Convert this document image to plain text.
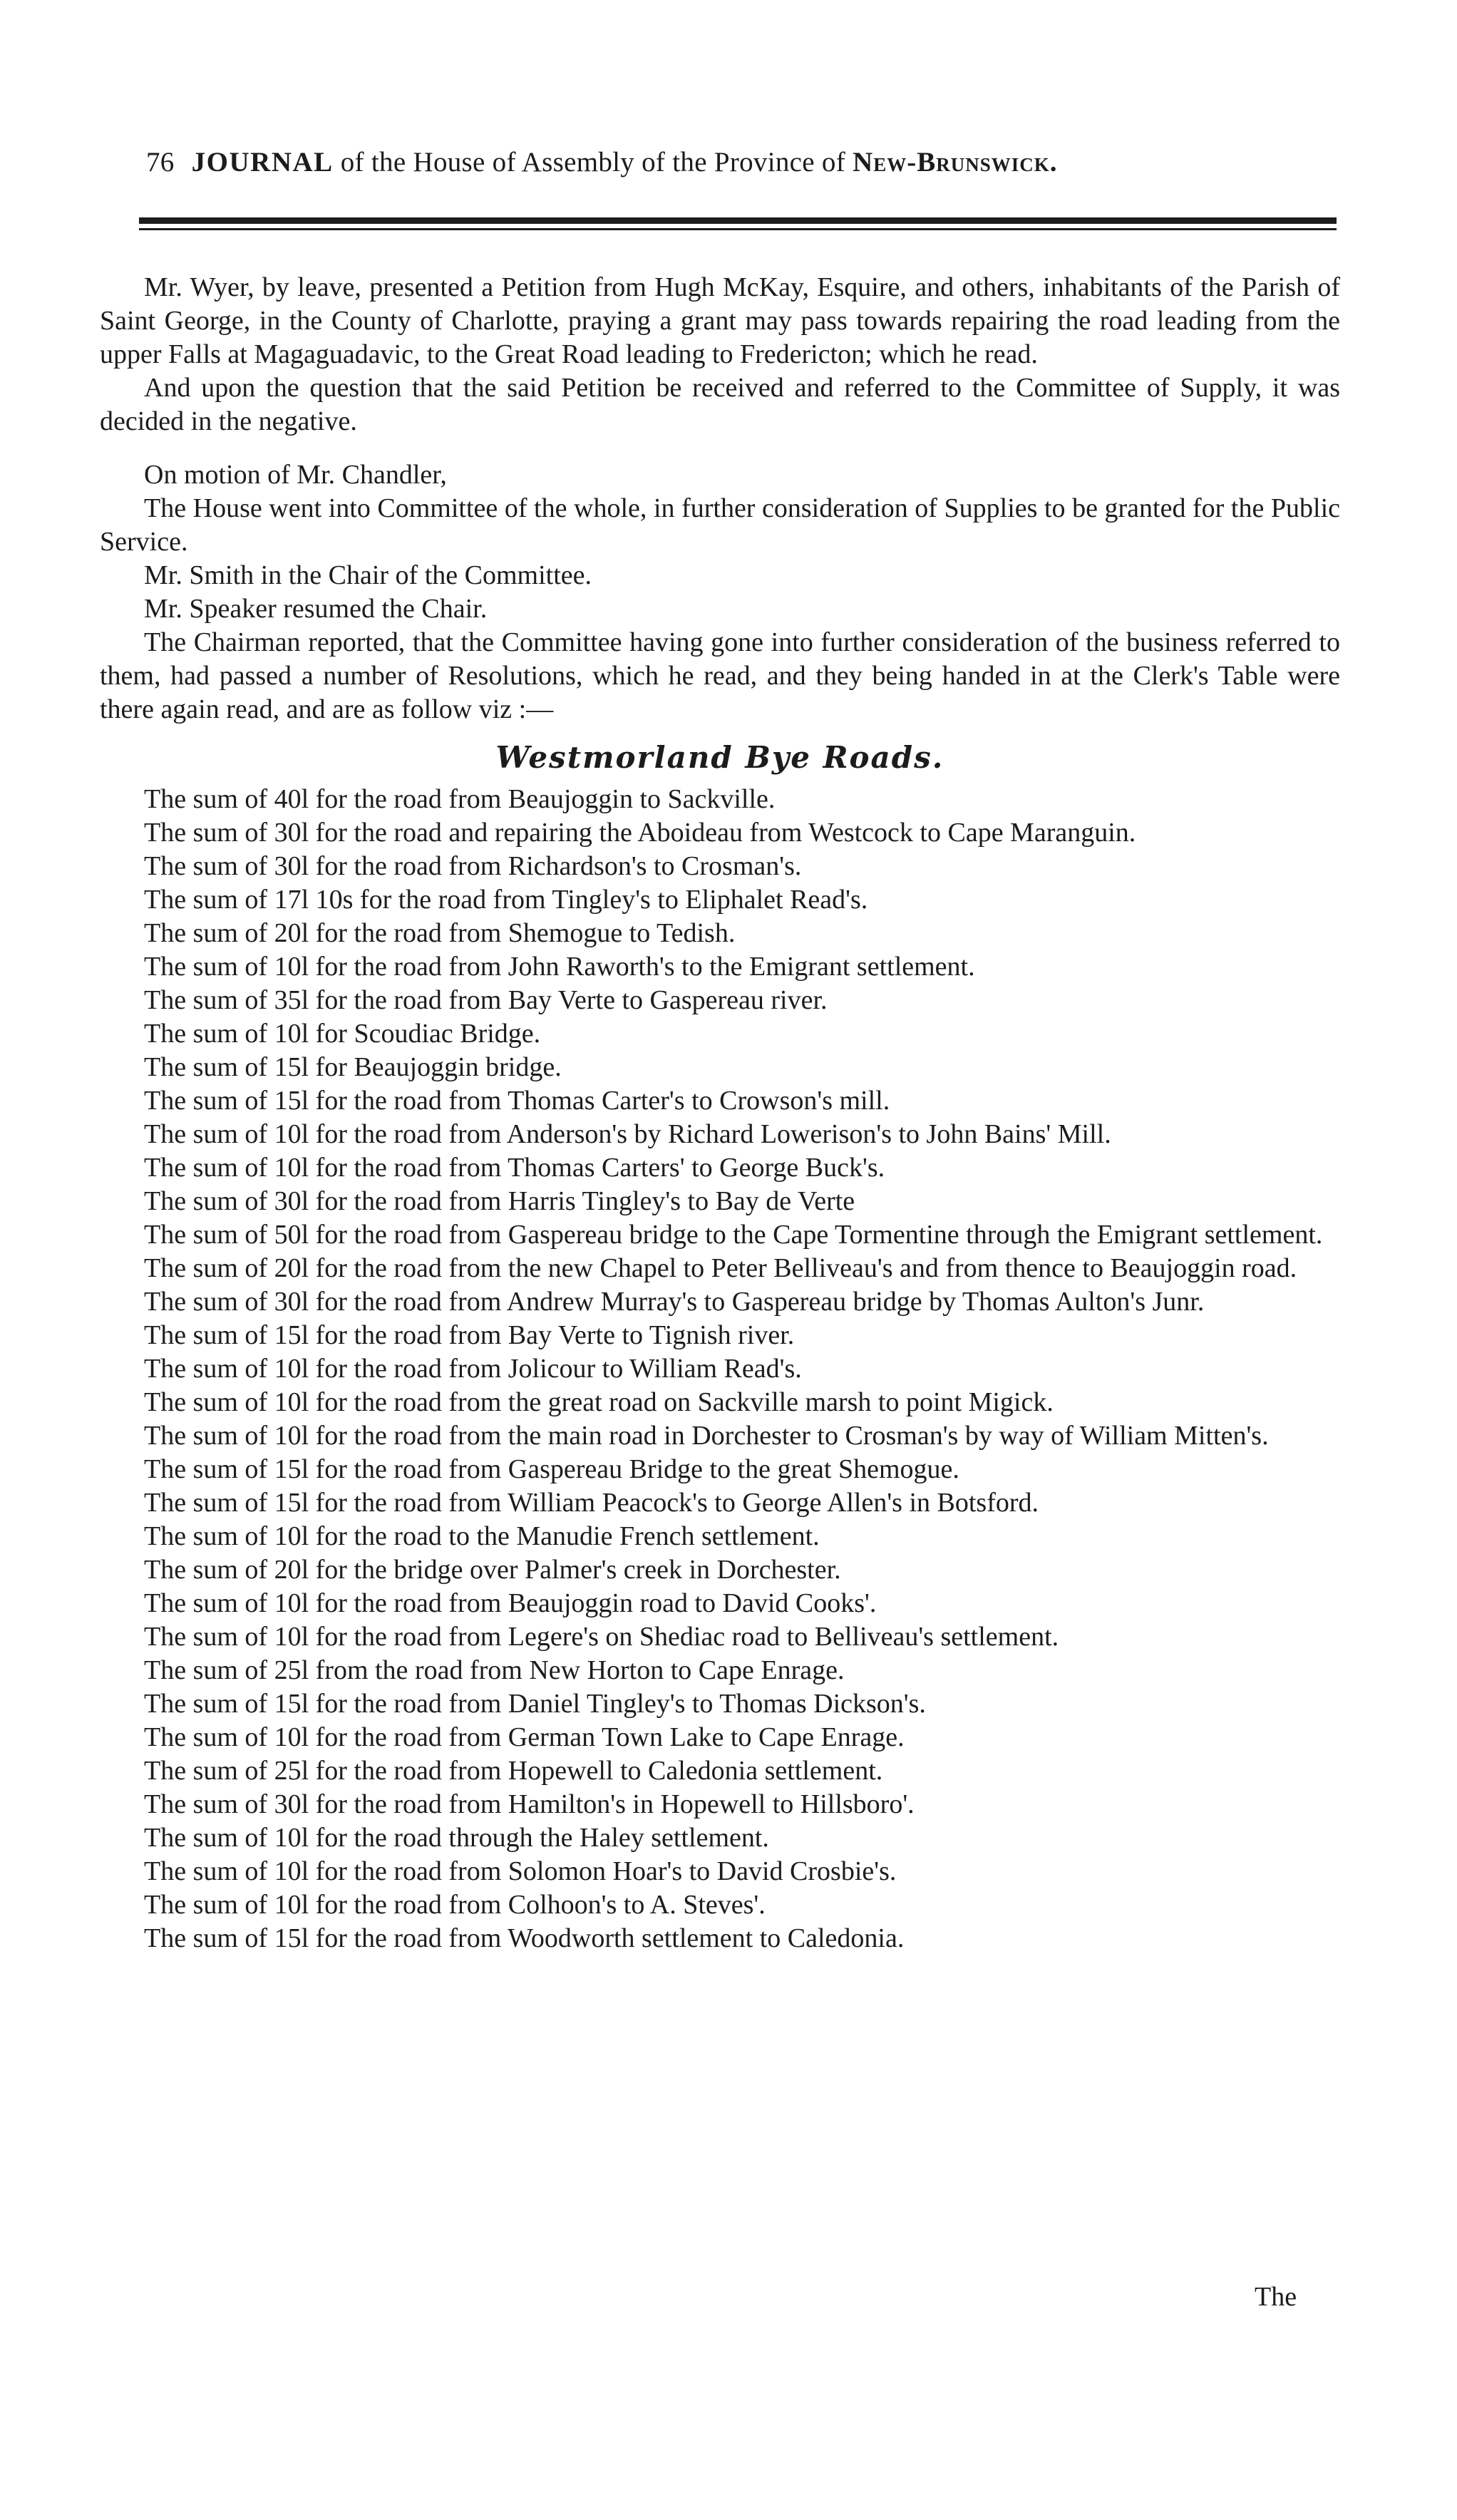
76 JOURNAL of the House of Assembly of the Province of New-Brunswick.

Mr. Wyer, by leave, presented a Petition from Hugh McKay, Esquire, and others, inhabitants of the Parish of Saint George, in the County of Charlotte, praying a grant may pass towards repairing the road leading from the upper Falls at Magaguadavic, to the Great Road leading to Fredericton; which he read.

And upon the question that the said Petition be received and referred to the Committee of Supply, it was decided in the negative.

On motion of Mr. Chandler,

The House went into Committee of the whole, in further consideration of Supplies to be granted for the Public Service.

Mr. Smith in the Chair of the Committee.

Mr. Speaker resumed the Chair.

The Chairman reported, that the Committee having gone into further consideration of the business referred to them, had passed a number of Resolutions, which he read, and they being handed in at the Clerk's Table were there again read, and are as follow viz :—

Westmorland Bye Roads.
The sum of 40l for the road from Beaujoggin to Sackville.
The sum of 30l for the road and repairing the Aboideau from Westcock to Cape Maranguin.
The sum of 30l for the road from Richardson's to Crosman's.
The sum of 17l 10s for the road from Tingley's to Eliphalet Read's.
The sum of 20l for the road from Shemogue to Tedish.
The sum of 10l for the road from John Raworth's to the Emigrant settlement.
The sum of 35l for the road from Bay Verte to Gaspereau river.
The sum of 10l for Scoudiac Bridge.
The sum of 15l for Beaujoggin bridge.
The sum of 15l for the road from Thomas Carter's to Crowson's mill.
The sum of 10l for the road from Anderson's by Richard Lowerison's to John Bains' Mill.
The sum of 10l for the road from Thomas Carters' to George Buck's.
The sum of 30l for the road from Harris Tingley's to Bay de Verte
The sum of 50l for the road from Gaspereau bridge to the Cape Tormentine through the Emigrant settlement.
The sum of 20l for the road from the new Chapel to Peter Belliveau's and from thence to Beaujoggin road.
The sum of 30l for the road from Andrew Murray's to Gaspereau bridge by Thomas Aulton's Junr.
The sum of 15l for the road from Bay Verte to Tignish river.
The sum of 10l for the road from Jolicour to William Read's.
The sum of 10l for the road from the great road on Sackville marsh to point Migick.
The sum of 10l for the road from the main road in Dorchester to Crosman's by way of William Mitten's.
The sum of 15l for the road from Gaspereau Bridge to the great Shemogue.
The sum of 15l for the road from William Peacock's to George Allen's in Botsford.
The sum of 10l for the road to the Manudie French settlement.
The sum of 20l for the bridge over Palmer's creek in Dorchester.
The sum of 10l for the road from Beaujoggin road to David Cooks'.
The sum of 10l for the road from Legere's on Shediac road to Belliveau's settlement.
The sum of 25l from the road from New Horton to Cape Enrage.
The sum of 15l for the road from Daniel Tingley's to Thomas Dickson's.
The sum of 10l for the road from German Town Lake to Cape Enrage.
The sum of 25l for the road from Hopewell to Caledonia settlement.
The sum of 30l for the road from Hamilton's in Hopewell to Hillsboro'.
The sum of 10l for the road through the Haley settlement.
The sum of 10l for the road from Solomon Hoar's to David Crosbie's.
The sum of 10l for the road from Colhoon's to A. Steves'.
The sum of 15l for the road from Woodworth settlement to Caledonia.
The
